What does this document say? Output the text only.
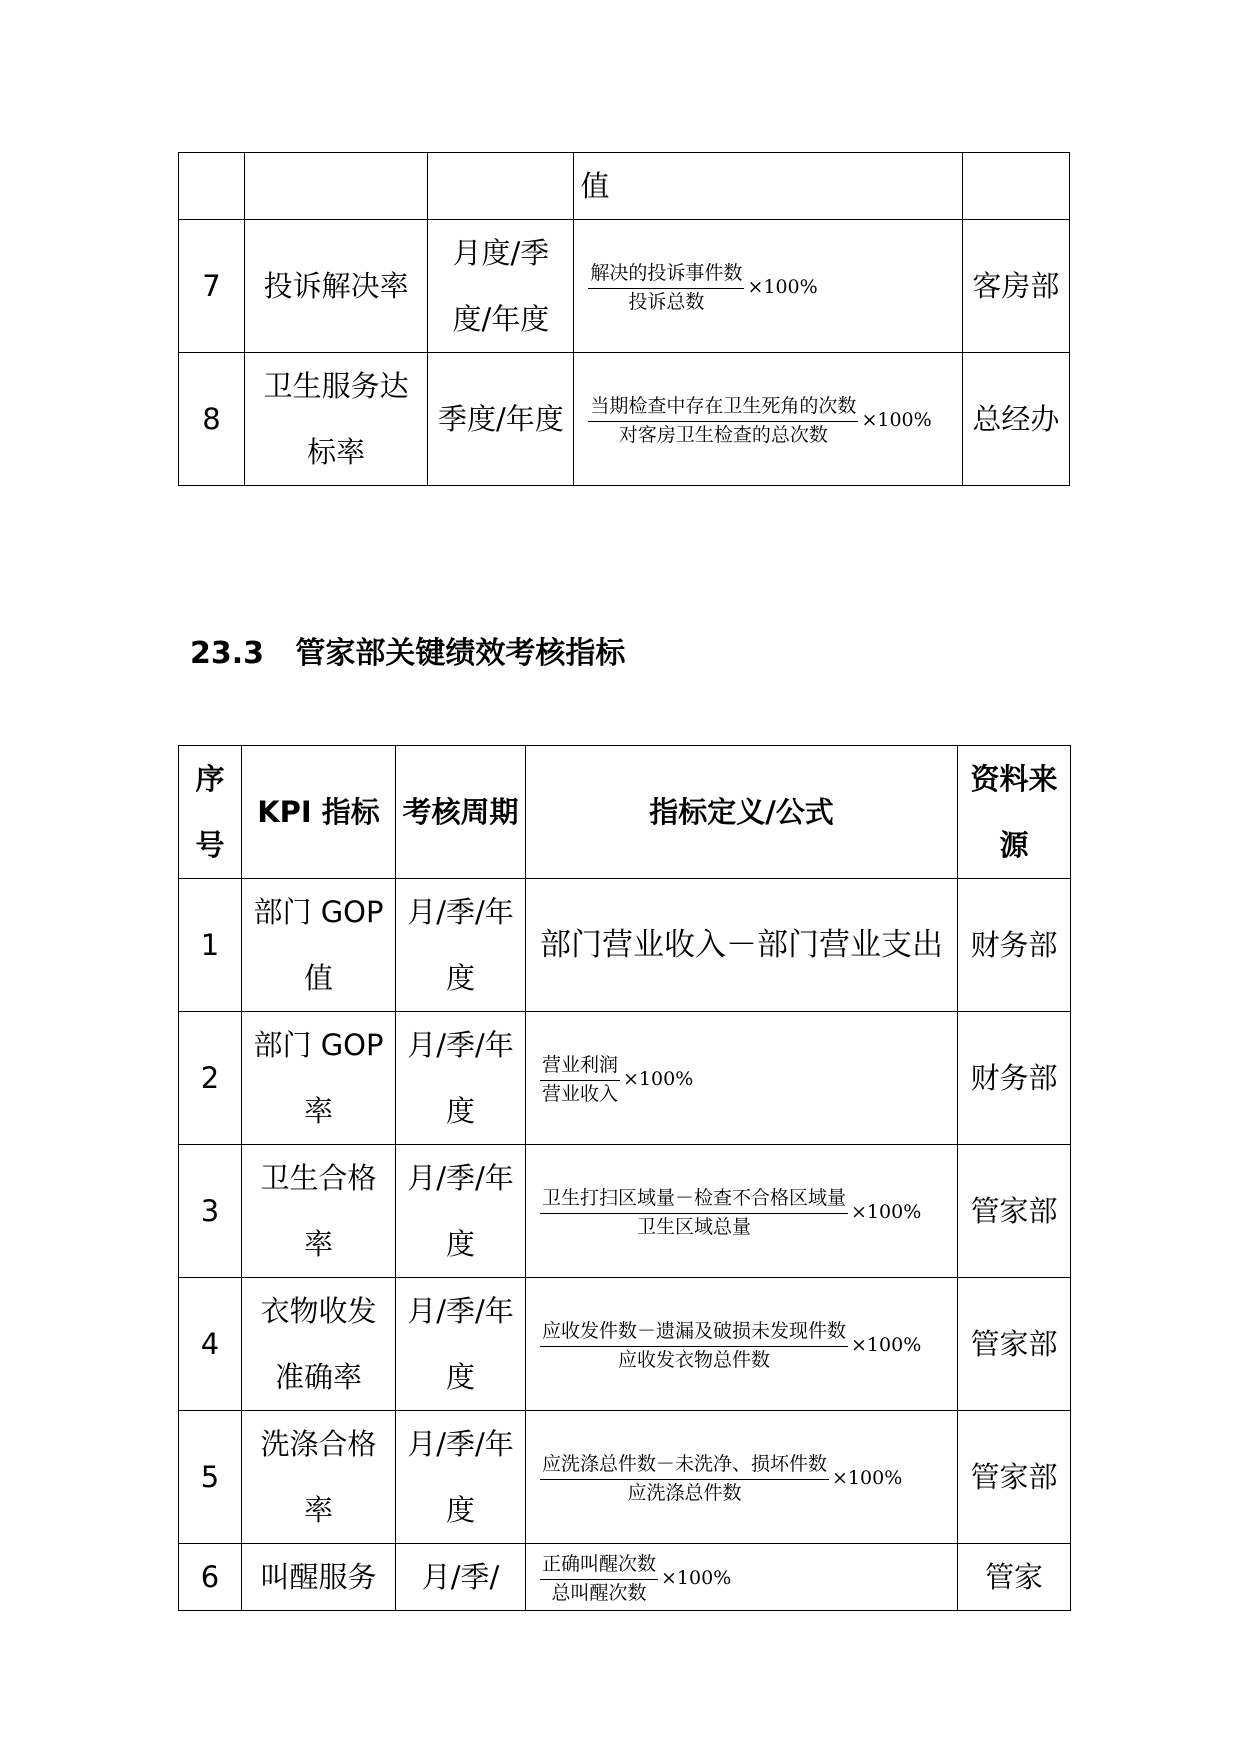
			值	
7	投诉解决率	月度/季度/年度	$\frac{\text{解决的投诉事件数}}{\text{投诉总数}} \times 100\%$	客房部
8	卫生服务达标率	季度/年度	$\frac{\text{当期检查中存在卫生死角的次数}}{\text{对客房卫生检查的总次数}} \times 100\%$	总经办
23.3 管家部关键绩效考核指标
序号	KPI 指标	考核周期	指标定义/公式	资料来源
1	部门 GOP 值	月/季/年度	部门营业收入－部门营业支出	财务部
2	部门 GOP 率	月/季/年度	$\frac{\text{营业利润}}{\text{营业收入}} \times 100\%$	财务部
3	卫生合格率	月/季/年度	$\frac{\text{卫生打扫区域量－检查不合格区域量}}{\text{卫生区域总量}} \times 100\%$	管家部
4	衣物收发准确率	月/季/年度	$\frac{\text{应收发件数－遗漏及破损未发现件数}}{\text{应收发衣物总件数}} \times 100\%$	管家部
5	洗涤合格率	月/季/年度	$\frac{\text{应洗涤总件数－未洗净、损坏件数}}{\text{应洗涤总件数}} \times 100\%$	管家部
6	叫醒服务	月/季/	$\frac{\text{正确叫醒次数}}{\text{总叫醒次数}} \times 100\%$	管家
